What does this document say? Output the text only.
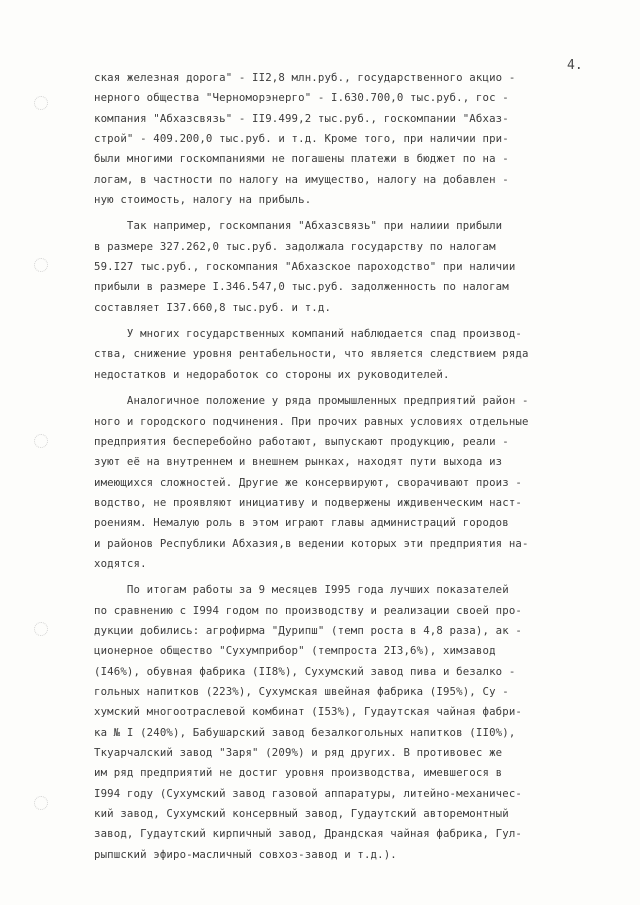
4.
ская железная дорога" - II2,8 млн.руб., государственного акцио -
нерного общества "Черноморэнерго" - I.630.700,0 тыс.руб., гос -
компания "Абхазсвязь" - II9.499,2 тыс.руб., госкомпании "Абхаз-
строй" - 409.200,0 тыс.руб. и т.д. Кроме того, при наличии при-
были многими госкомпаниями не погашены платежи в бюджет по на -
логам, в частности по налогу на имущество, налогу на добавлен -
ную стоимость, налогу на прибыль.
Так например, госкомпания "Абхазсвязь" при налиии прибыли
в размере 327.262,0 тыс.руб. задолжала государству по налогам
59.I27 тыс.руб., госкомпания "Абхазское пароходство" при наличии
прибыли в размере I.346.547,0 тыс.руб. задолженность по налогам
составляет I37.660,8 тыс.руб. и т.д.
У многих государственных компаний наблюдается спад производ-
ства, снижение уровня рентабельности, что является следствием ряда
недостатков и недоработок со стороны их руководителей.
Аналогичное положение у ряда промышленных предприятий район -
ного и городского подчинения. При прочих равных условиях отдельные
предприятия бесперебойно работают, выпускают продукцию, реали -
зуют её на внутреннем и внешнем рынках, находят пути выхода из
имеющихся сложностей. Другие же консервируют, сворачивают произ -
водство, не проявляют инициативу и подвержены иждивенческим наст-
роениям. Немалую роль в этом играют главы администраций городов
и районов Республики Абхазия,в ведении которых эти предприятия на-
ходятся.
По итогам работы за 9 месяцев I995 года лучших показателей
по сравнению с I994 годом по производству и реализации своей про-
дукции добились: агрофирма "Дурипш" (темп роста в 4,8 раза), ак -
ционерное общество "Сухумприбор" (темпроста 2I3,6%), химзавод
(I46%), обувная фабрика (II8%), Сухумский завод пива и безалко -
гольных напитков (223%), Сухумская швейная фабрика (I95%), Су -
хумский многоотраслевой комбинат (I53%), Гудаутская чайная фабри-
ка № I (240%), Бабушарский завод безалкогольных напитков (II0%),
Ткуарчалский завод "Заря" (209%) и ряд других. В противовес же
им ряд предприятий не достиг уровня производства, имевшегося в
I994 году (Сухумский завод газовой аппаратуры, литейно-механичес-
кий завод, Сухумский консервный завод, Гудаутский авторемонтный
завод, Гудаутский кирпичный завод, Драндская чайная фабрика, Гул-
рыпшский эфиро-масличный совхоз-завод и т.д.).
